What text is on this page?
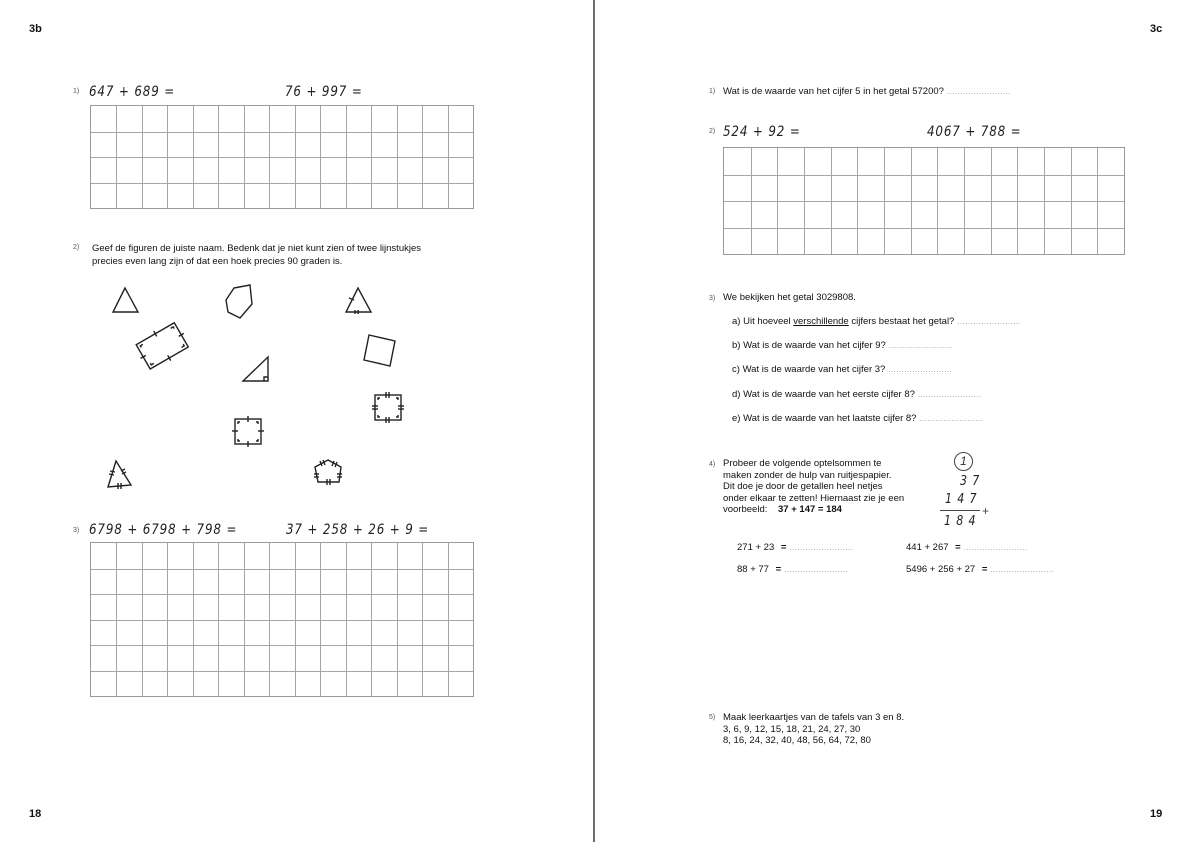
3b
18
1) 647 + 689 =	76 + 997 =
2) Geef de figuren de juiste naam. Bedenk dat je niet kunt zien of twee lijnstukjes
precies even lang zijn of dat een hoek precies 90 graden is.
3) 6798 + 6798 + 798 =	37 + 258 + 26 + 9 =
3c
19
1) Wat is de waarde van het cijfer 5 in het getal 57200? ……………………
2) 524 + 92 =	4067 + 788 =
3) We bekijken het getal 3029808.
a) Uit hoeveel verschillende cijfers bestaat het getal? ……………………
b) Wat is de waarde van het cijfer 9? ……………………
c) Wat is de waarde van het cijfer 3? ……………………
d) Wat is de waarde van het eerste cijfer 8? ……………………
e) Wat is de waarde van het laatste cijfer 8? ……………………
4) Probeer de volgende optelsommen te
maken zonder de hulp van ruitjespapier.
Dit doe je door de getallen heel netjes
onder elkaar te zetten! Hiernaast zie je een
voorbeeld: 37 + 147 = 184
1
3 7
1 4 7
+
1 8 4
271 + 23 = ……………………	441 + 267 = ……………………
88 + 77 = ……………………	5496 + 256 + 27 = ……………………
5) Maak leerkaartjes van de tafels van 3 en 8.
3, 6, 9, 12, 15, 18, 21, 24, 27, 30
8, 16, 24, 32, 40, 48, 56, 64, 72, 80
